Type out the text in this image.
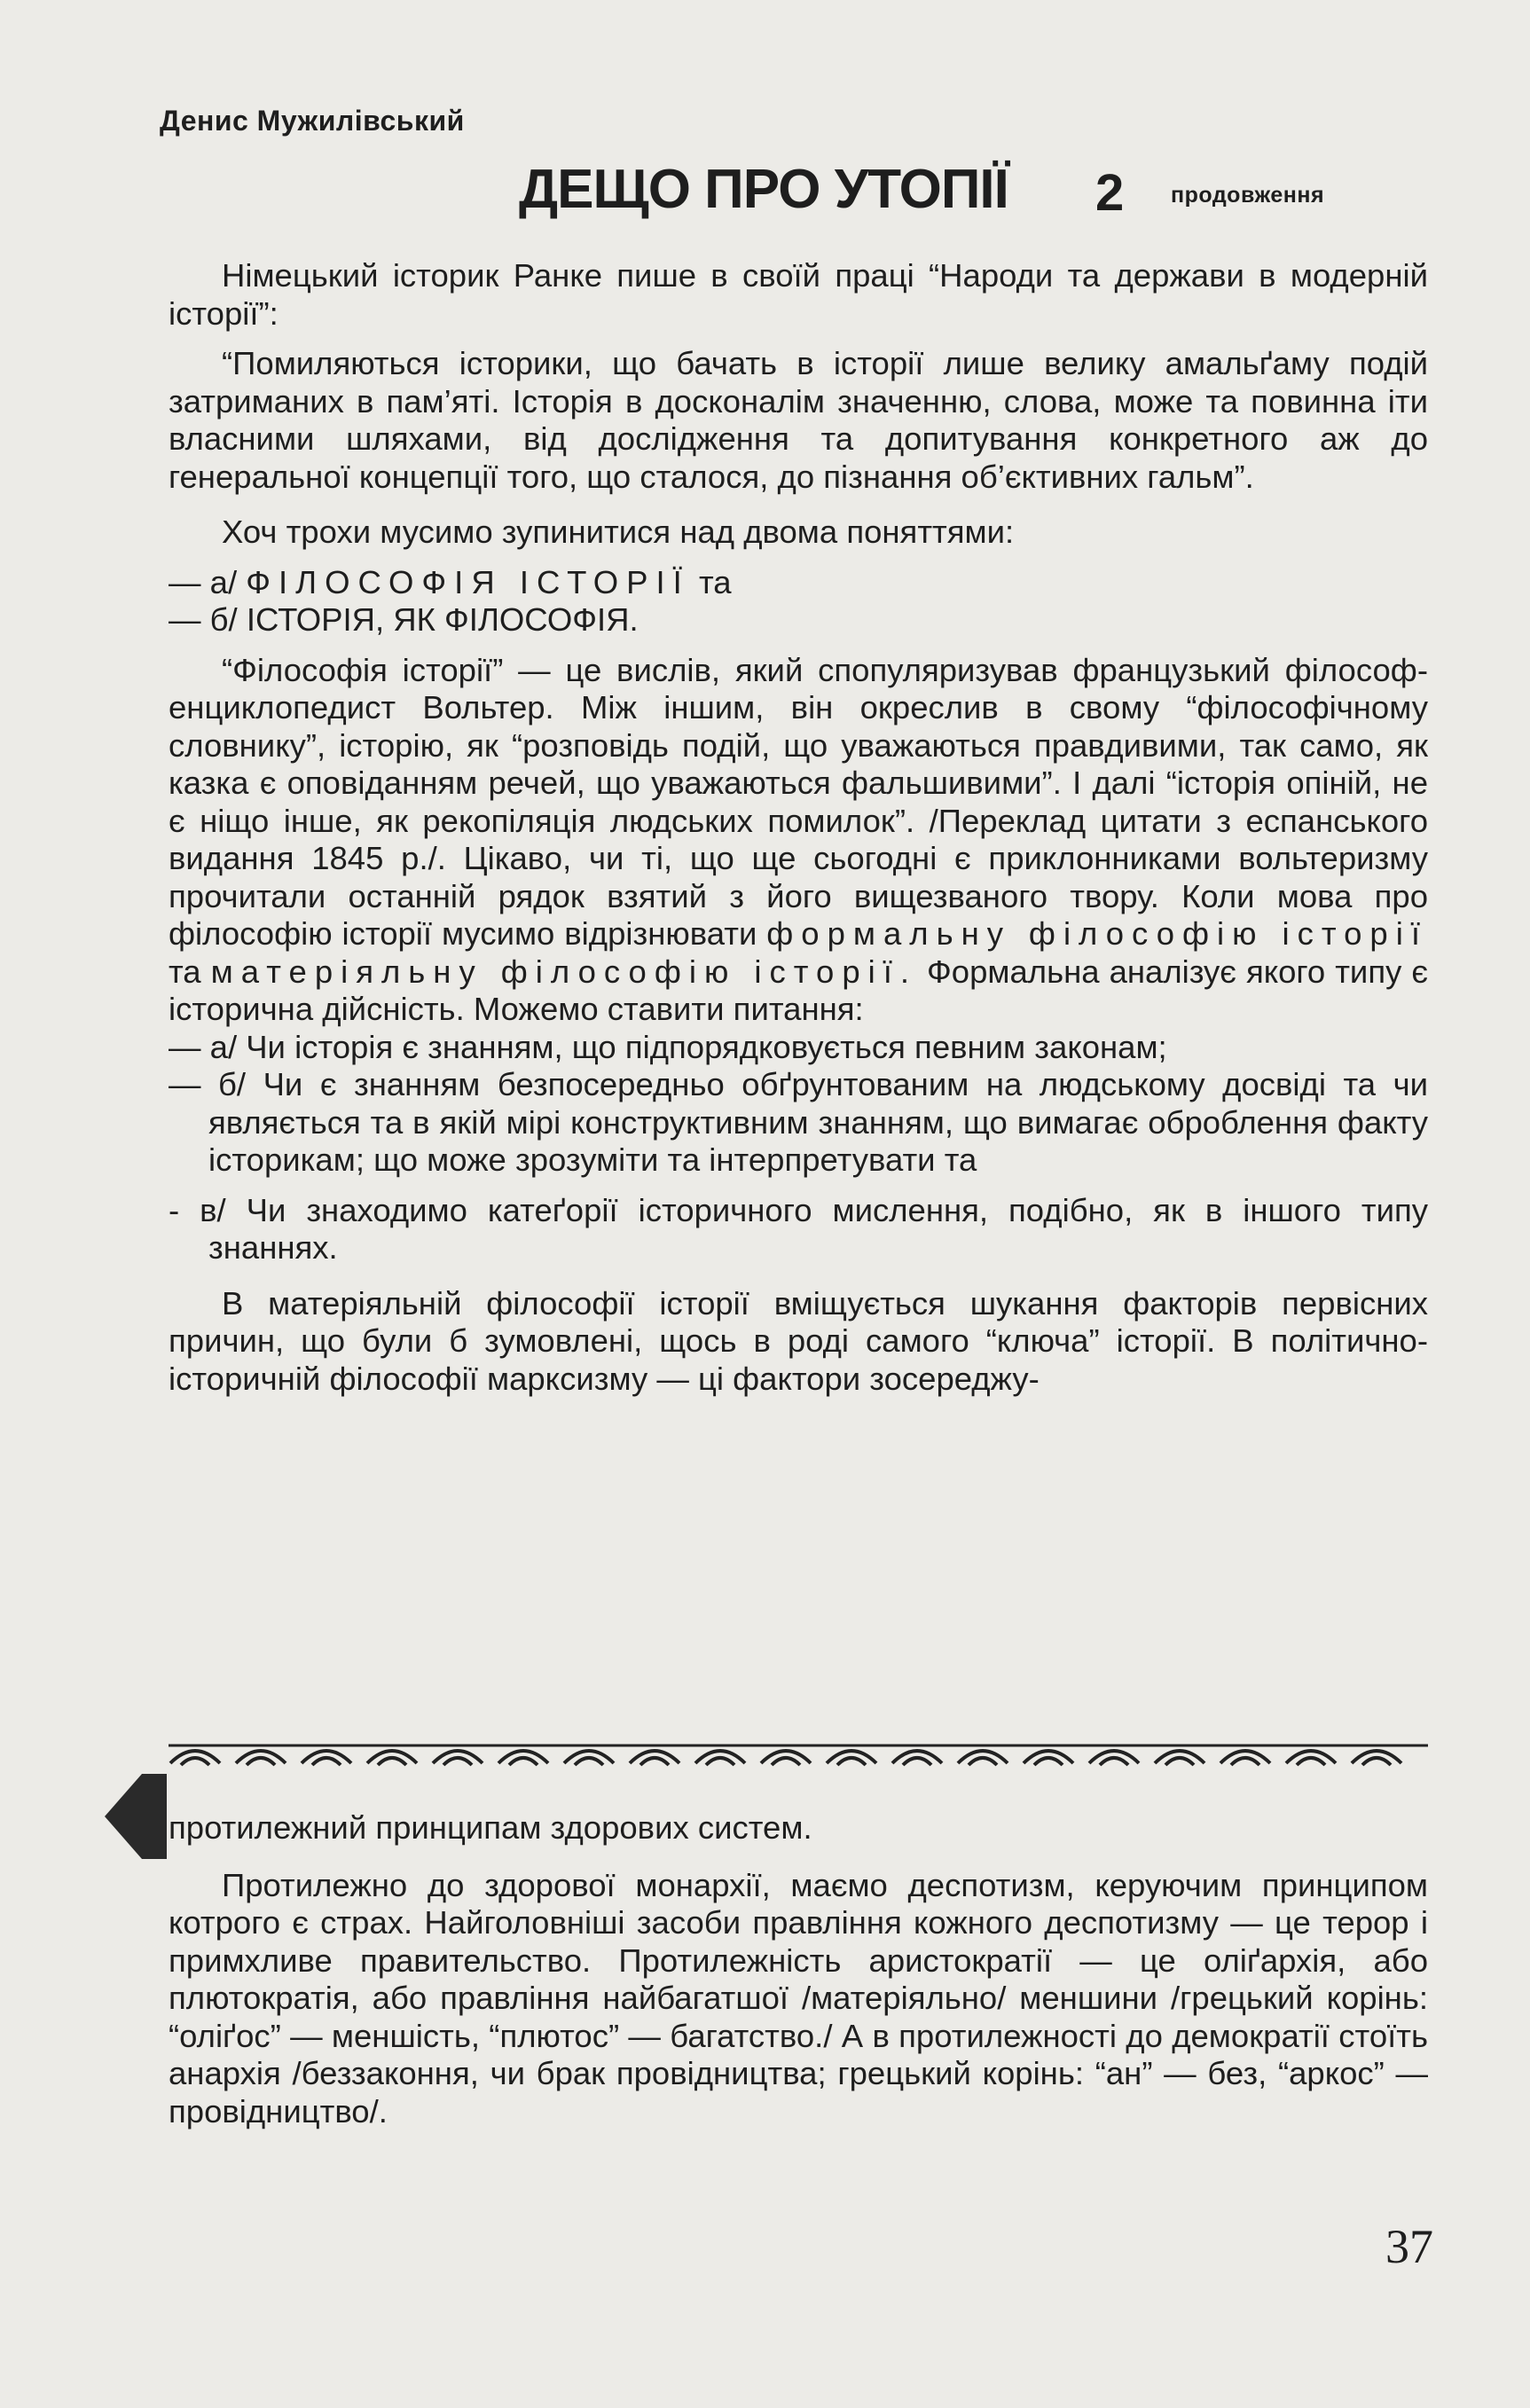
Денис Мужилівський
ДЕЩО ПРО УТОПІЇ 2 продовження

Німецький історик Ранке пише в своїй праці “Народи та держави в модерній історії”:

“Помиляються історики, що бачать в історії лише велику амальґаму подій затриманих в пам’яті. Історія в досконалім значенню, слова, може та повинна іти власними шляхами, від дослідження та допитування конкретного аж до генеральної концепції того, що сталося, до пізнання об’єктивних гальм”.

Хоч трохи мусимо зупинитися над двома поняттями:

— а/ ФІЛОСОФІЯ ІСТОРІЇ та

— б/ ІСТОРІЯ, ЯК ФІЛОСОФІЯ.

“Філософія історії” — це вислів, який спопуляризував французький філософ-енциклопедист Вольтер. Між іншим, він окреслив в свому “філософічному словнику”, історію, як “розповідь подій, що уважаються правдивими, так само, як казка є оповіданням речей, що уважаються фальшивими”. І далі “історія опіній, не є ніщо інше, як рекопіляція людських помилок”. /Переклад цитати з еспанського видання 1845 р./. Цікаво, чи ті, що ще сьогодні є приклонниками вольтеризму прочитали останній рядок взятий з його вищезваного твору. Коли мова про філософію історії мусимо відрізнювати формальну філософію історії та матеріяльну філософію історії. Формальна аналізує якого типу є історична дійсність. Можемо ставити питання:

— а/ Чи історія є знанням, що підпорядковується певним законам;

— б/ Чи є знанням безпосередньо обґрунтованим на людському досвіді та чи являється та в якій мірі конструктивним знанням, що вимагає оброблення факту історикам; що може зрозуміти та інтерпретувати та

- в/ Чи знаходимо катеґорії історичного мислення, подібно, як в іншого типу знаннях.

В матеріяльній філософії історії вміщується шукання факторів первісних причин, що були б зумовлені, щось в роді самого “ключа” історії. В політично-історичній філософії марксизму — ці фактори зосереджу-

протилежний принципам здорових систем.

Протилежно до здорової монархії, маємо деспотизм, керуючим принципом котрого є страх. Найголовніші засоби правління кожного деспотизму — це терор і примхливе правительство. Протилежність аристократії — це оліґархія, або плютократія, або правління найбагатшої /матеріяльно/ меншини /грецький корінь: “оліґос” — меншість, “плютос” — багатство./ А в протилежності до демократії стоїть анархія /беззаконня, чи брак провідництва; грецький корінь: “ан” — без, “аркос” — провідництво/.

37
